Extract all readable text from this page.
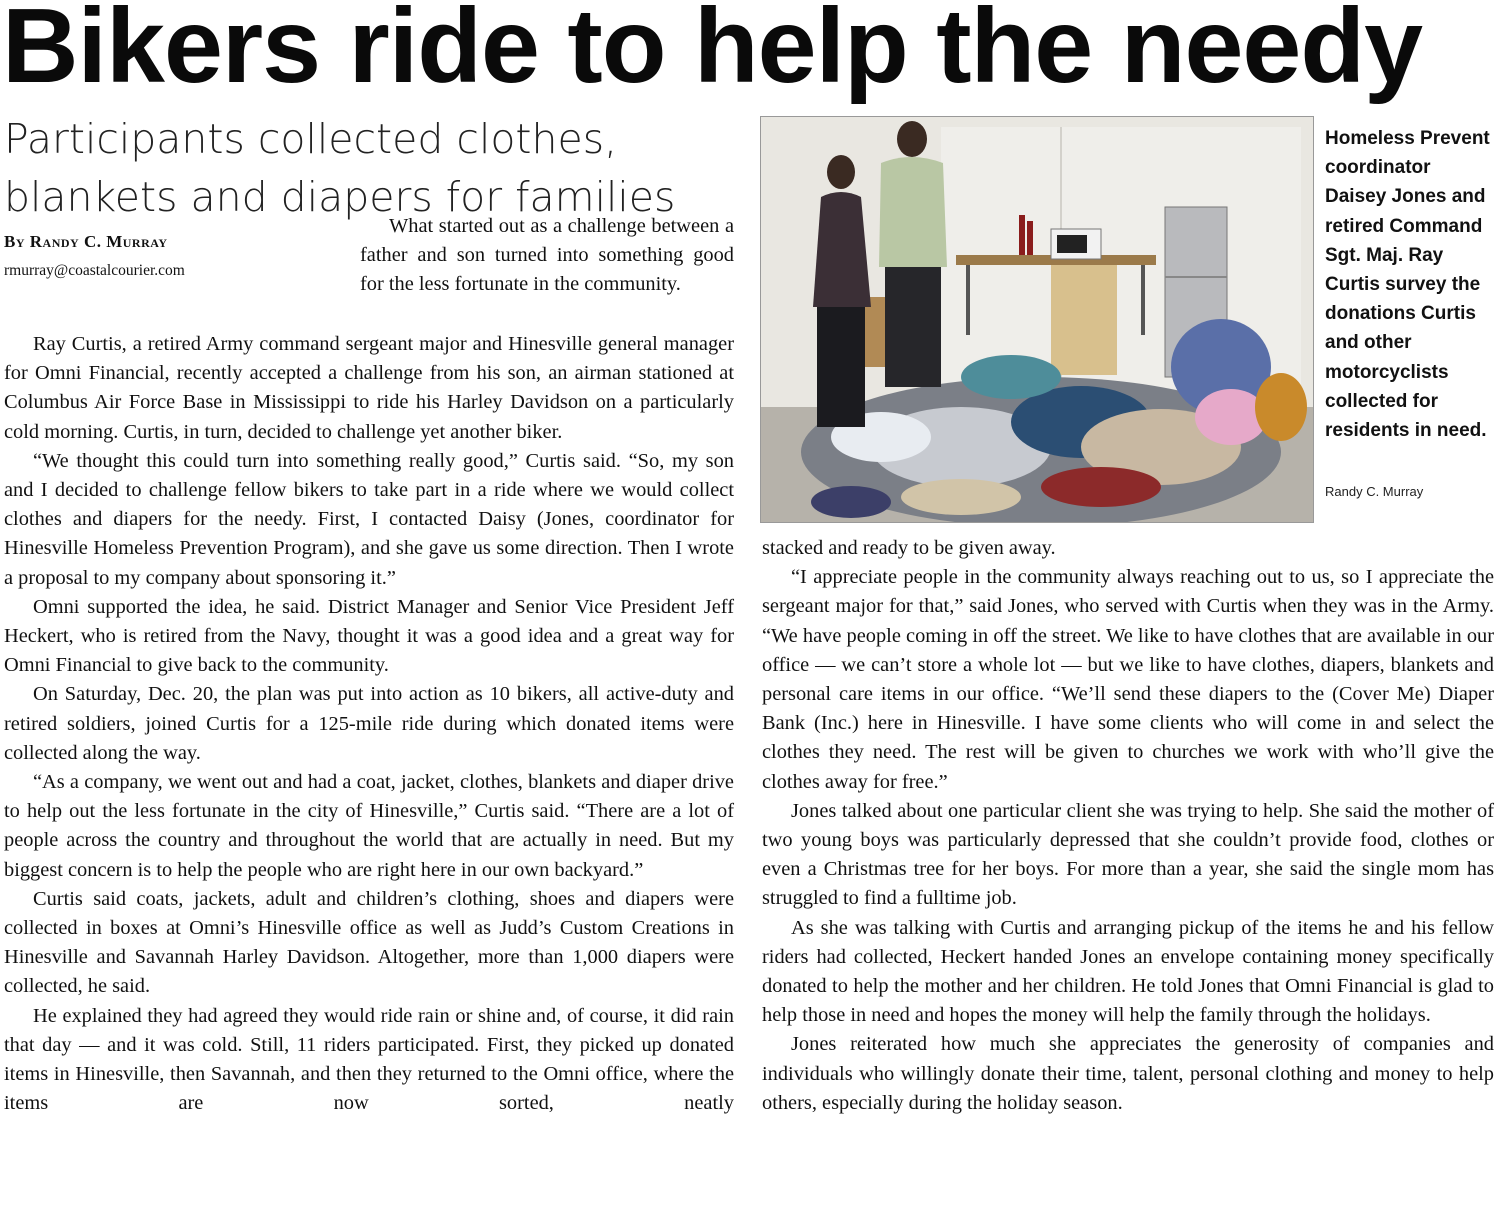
Bikers ride to help the needy
Participants collected clothes, blankets and diapers for families
By Randy C. Murray
rmurray@coastalcourier.com

What started out as a challenge between a father and son turned into something good for the less fortunate in the community.

Ray Curtis, a retired Army command sergeant major and Hinesville general manager for Omni Financial, recently accepted a challenge from his son, an airman stationed at Columbus Air Force Base in Mississippi to ride his Harley Davidson on a particularly cold morning. Curtis, in turn, decided to challenge yet another biker.

“We thought this could turn into something really good,” Curtis said. “So, my son and I decided to challenge fellow bikers to take part in a ride where we would collect clothes and diapers for the needy. First, I contacted Daisy (Jones, coordinator for Hinesville Homeless Prevention Program), and she gave us some direction. Then I wrote a proposal to my company about sponsoring it.”

Omni supported the idea, he said. District Manager and Senior Vice President Jeff Heckert, who is retired from the Navy, thought it was a good idea and a great way for Omni Financial to give back to the community.

On Saturday, Dec. 20, the plan was put into action as 10 bikers, all active-duty and retired soldiers, joined Curtis for a 125-mile ride during which donated items were collected along the way.

“As a company, we went out and had a coat, jacket, clothes, blankets and diaper drive to help out the less fortunate in the city of Hinesville,” Curtis said. “There are a lot of people across the country and throughout the world that are actually in need. But my biggest concern is to help the people who are right here in our own backyard.”

Curtis said coats, jackets, adult and children’s clothing, shoes and diapers were collected in boxes at Omni’s Hinesville office as well as Judd’s Custom Creations in Hinesville and Savannah Harley Davidson. Altogether, more than 1,000 diapers were collected, he said.

He explained they had agreed they would ride rain or shine and, of course, it did rain that day — and it was cold. Still, 11 riders participated. First, they picked up donated items in Hinesville, then Savannah, and then they returned to the Omni office, where the items are now sorted, neatly

Homeless Prevent coordinator Daisey Jones and retired Command Sgt. Maj. Ray Curtis survey the donations Curtis and other motorcyclists collected for residents in need.
Randy C. Murray

stacked and ready to be given away.

“I appreciate people in the community always reaching out to us, so I appreciate the sergeant major for that,” said Jones, who served with Curtis when they was in the Army. “We have people coming in off the street. We like to have clothes that are available in our office — we can’t store a whole lot — but we like to have clothes, diapers, blankets and personal care items in our office. “We’ll send these diapers to the (Cover Me) Diaper Bank (Inc.) here in Hinesville. I have some clients who will come in and select the clothes they need. The rest will be given to churches we work with who’ll give the clothes away for free.”

Jones talked about one particular client she was trying to help. She said the mother of two young boys was particularly depressed that she couldn’t provide food, clothes or even a Christmas tree for her boys. For more than a year, she said the single mom has struggled to find a fulltime job.

As she was talking with Curtis and arranging pickup of the items he and his fellow riders had collected, Heckert handed Jones an envelope containing money specifically donated to help the mother and her children. He told Jones that Omni Financial is glad to help those in need and hopes the money will help the family through the holidays.

Jones reiterated how much she appreciates the generosity of companies and individuals who willingly donate their time, talent, personal clothing and money to help others, especially during the holiday season.
